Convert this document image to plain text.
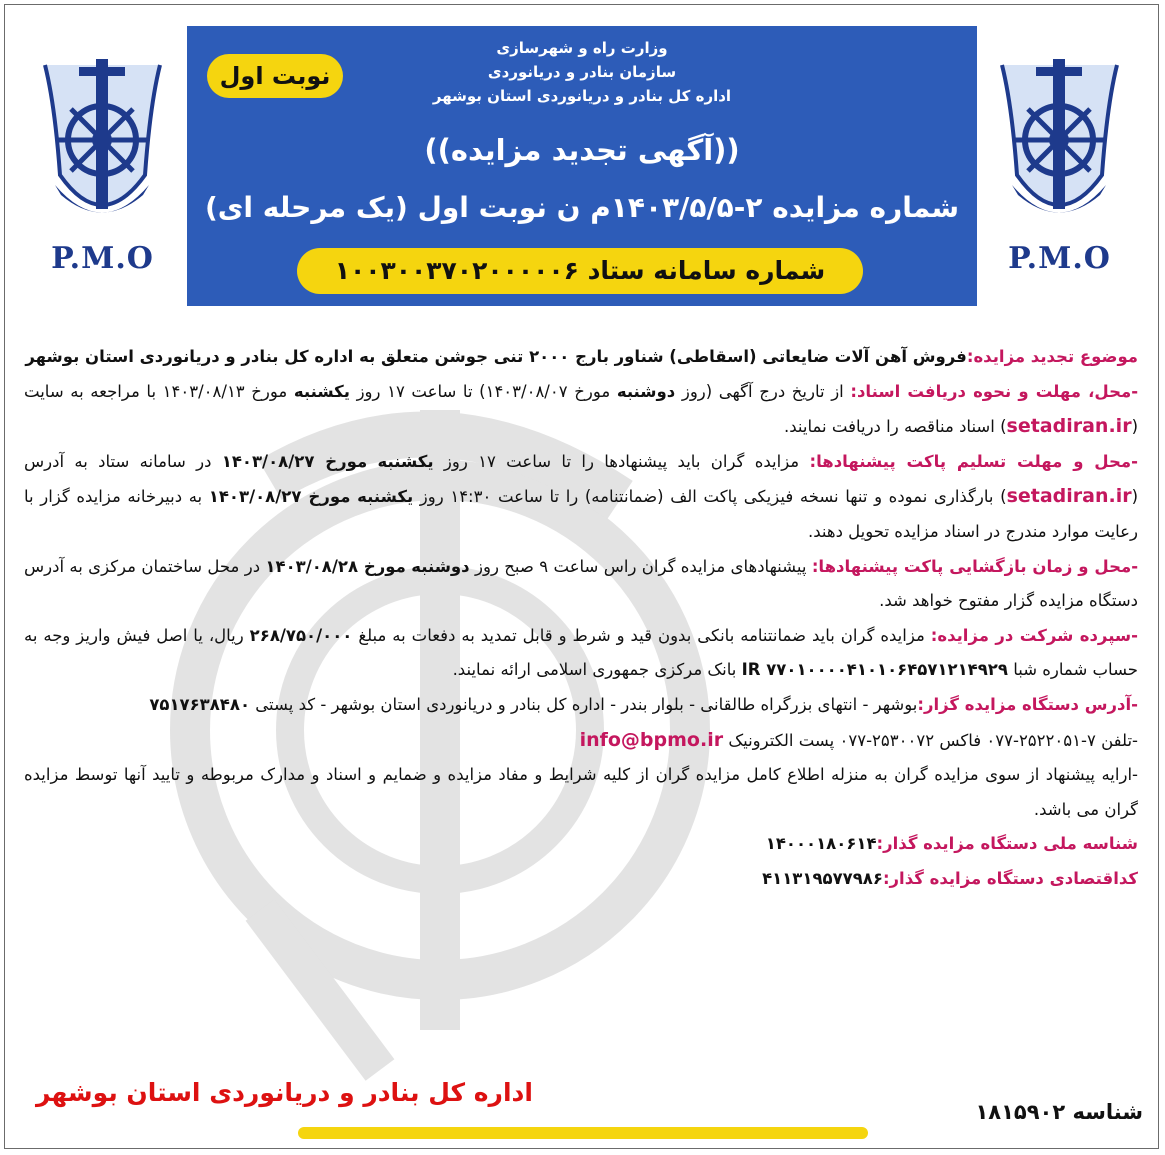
P.M.O	P.M.O
وزارت راه و شهرسازی
سازمان بنادر و دریانوردی
اداره کل بنادر و دریانوردی استان بوشهر
نوبت اول
((آگهی تجدید مزایده))
شماره مزایده ۲-۱۴۰۳/۵/۵م ن نوبت اول (یک مرحله ای)
شماره سامانه ستاد ۱۰۰۳۰۰۳۷۰۲۰۰۰۰۰۶

موضوع تجدید مزایده:فروش آهن آلات ضایعاتی (اسقاطی) شناور بارج ۲۰۰۰ تنی جوشن متعلق به اداره کل بنادر و دریانوردی استان بوشهر

-محل، مهلت و نحوه دریافت اسناد: از تاریخ درج آگهی (روز دوشنبه مورخ ۱۴۰۳/۰۸/۰۷) تا ساعت ۱۷ روز یکشنبه مورخ ۱۴۰۳/۰۸/۱۳ با مراجعه به سایت (setadiran.ir) اسناد مناقصه را دریافت نمایند.

-محل و مهلت تسلیم پاکت پیشنهادها: مزایده گران باید پیشنهادها را تا ساعت ۱۷ روز یکشنبه مورخ ۱۴۰۳/۰۸/۲۷ در سامانه ستاد به آدرس (setadiran.ir) بارگذاری نموده و تنها نسخه فیزیکی پاکت الف (ضمانتنامه) را تا ساعت ۱۴:۳۰ روز یکشنبه مورخ ۱۴۰۳/۰۸/۲۷ به دبیرخانه مزایده گزار با رعایت موارد مندرج در اسناد مزایده تحویل دهند.

-محل و زمان بازگشایی پاکت پیشنهادها: پیشنهادهای مزایده گران راس ساعت ۹ صبح روز دوشنبه مورخ ۱۴۰۳/۰۸/۲۸ در محل ساختمان مرکزی به آدرس دستگاه مزایده گزار مفتوح خواهد شد.

-سپرده شرکت در مزایده: مزایده گران باید ضمانتنامه بانکی بدون قید و شرط و قابل تمدید به دفعات به مبلغ ۲۶۸/۷۵۰/۰۰۰ ریال، یا اصل فیش واریز وجه به حساب شماره شبا IR ۷۷۰۱۰۰۰۰۴۱۰۱۰۶۴۵۷۱۲۱۴۹۲۹ بانک مرکزی جمهوری اسلامی ارائه نمایند.

-آدرس دستگاه مزایده گزار:بوشهر - انتهای بزرگراه طالقانی - بلوار بندر - اداره کل بنادر و دریانوردی استان بوشهر - کد پستی ۷۵۱۷۶۳۸۴۸۰

-تلفن ۷-۲۵۲۲۰۵۱-۰۷۷ فاکس ۲۵۳۰۰۷۲-۰۷۷ پست الکترونیک info@bpmo.ir

-ارایه پیشنهاد از سوی مزایده گران به منزله اطلاع کامل مزایده گران از کلیه شرایط و مفاد مزایده و ضمایم و اسناد و مدارک مربوطه و تایید آنها توسط مزایده گران می باشد.

شناسه ملی دستگاه مزایده گذار:۱۴۰۰۰۱۸۰۶۱۴

کداقتصادی دستگاه مزایده گذار:۴۱۱۳۱۹۵۷۷۹۸۶

اداره کل بنادر و دریانوردی استان بوشهر
شناسه ۱۸۱۵۹۰۲
